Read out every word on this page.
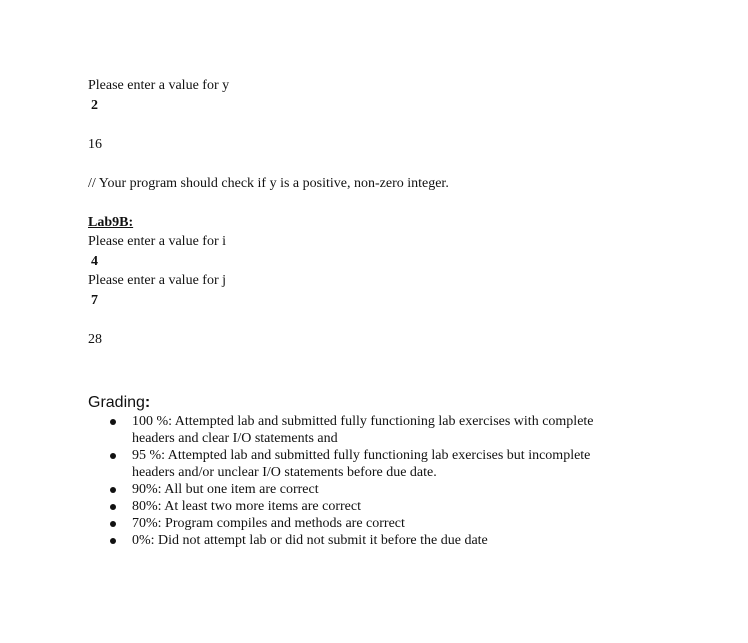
Please enter a value for y
2
16
// Your program should check if y is a positive, non-zero integer.
Lab9B:
Please enter a value for i
4
Please enter a value for j
7
28
Grading:
100 %: Attempted lab and submitted fully functioning lab exercises with complete headers and clear I/O statements and
95 %: Attempted lab and submitted fully functioning lab exercises but incomplete headers and/or unclear I/O statements before due date.
90%: All but one item are correct
80%: At least two more items are correct
70%: Program compiles and methods are correct
0%: Did not attempt lab or did not submit it before the due date
